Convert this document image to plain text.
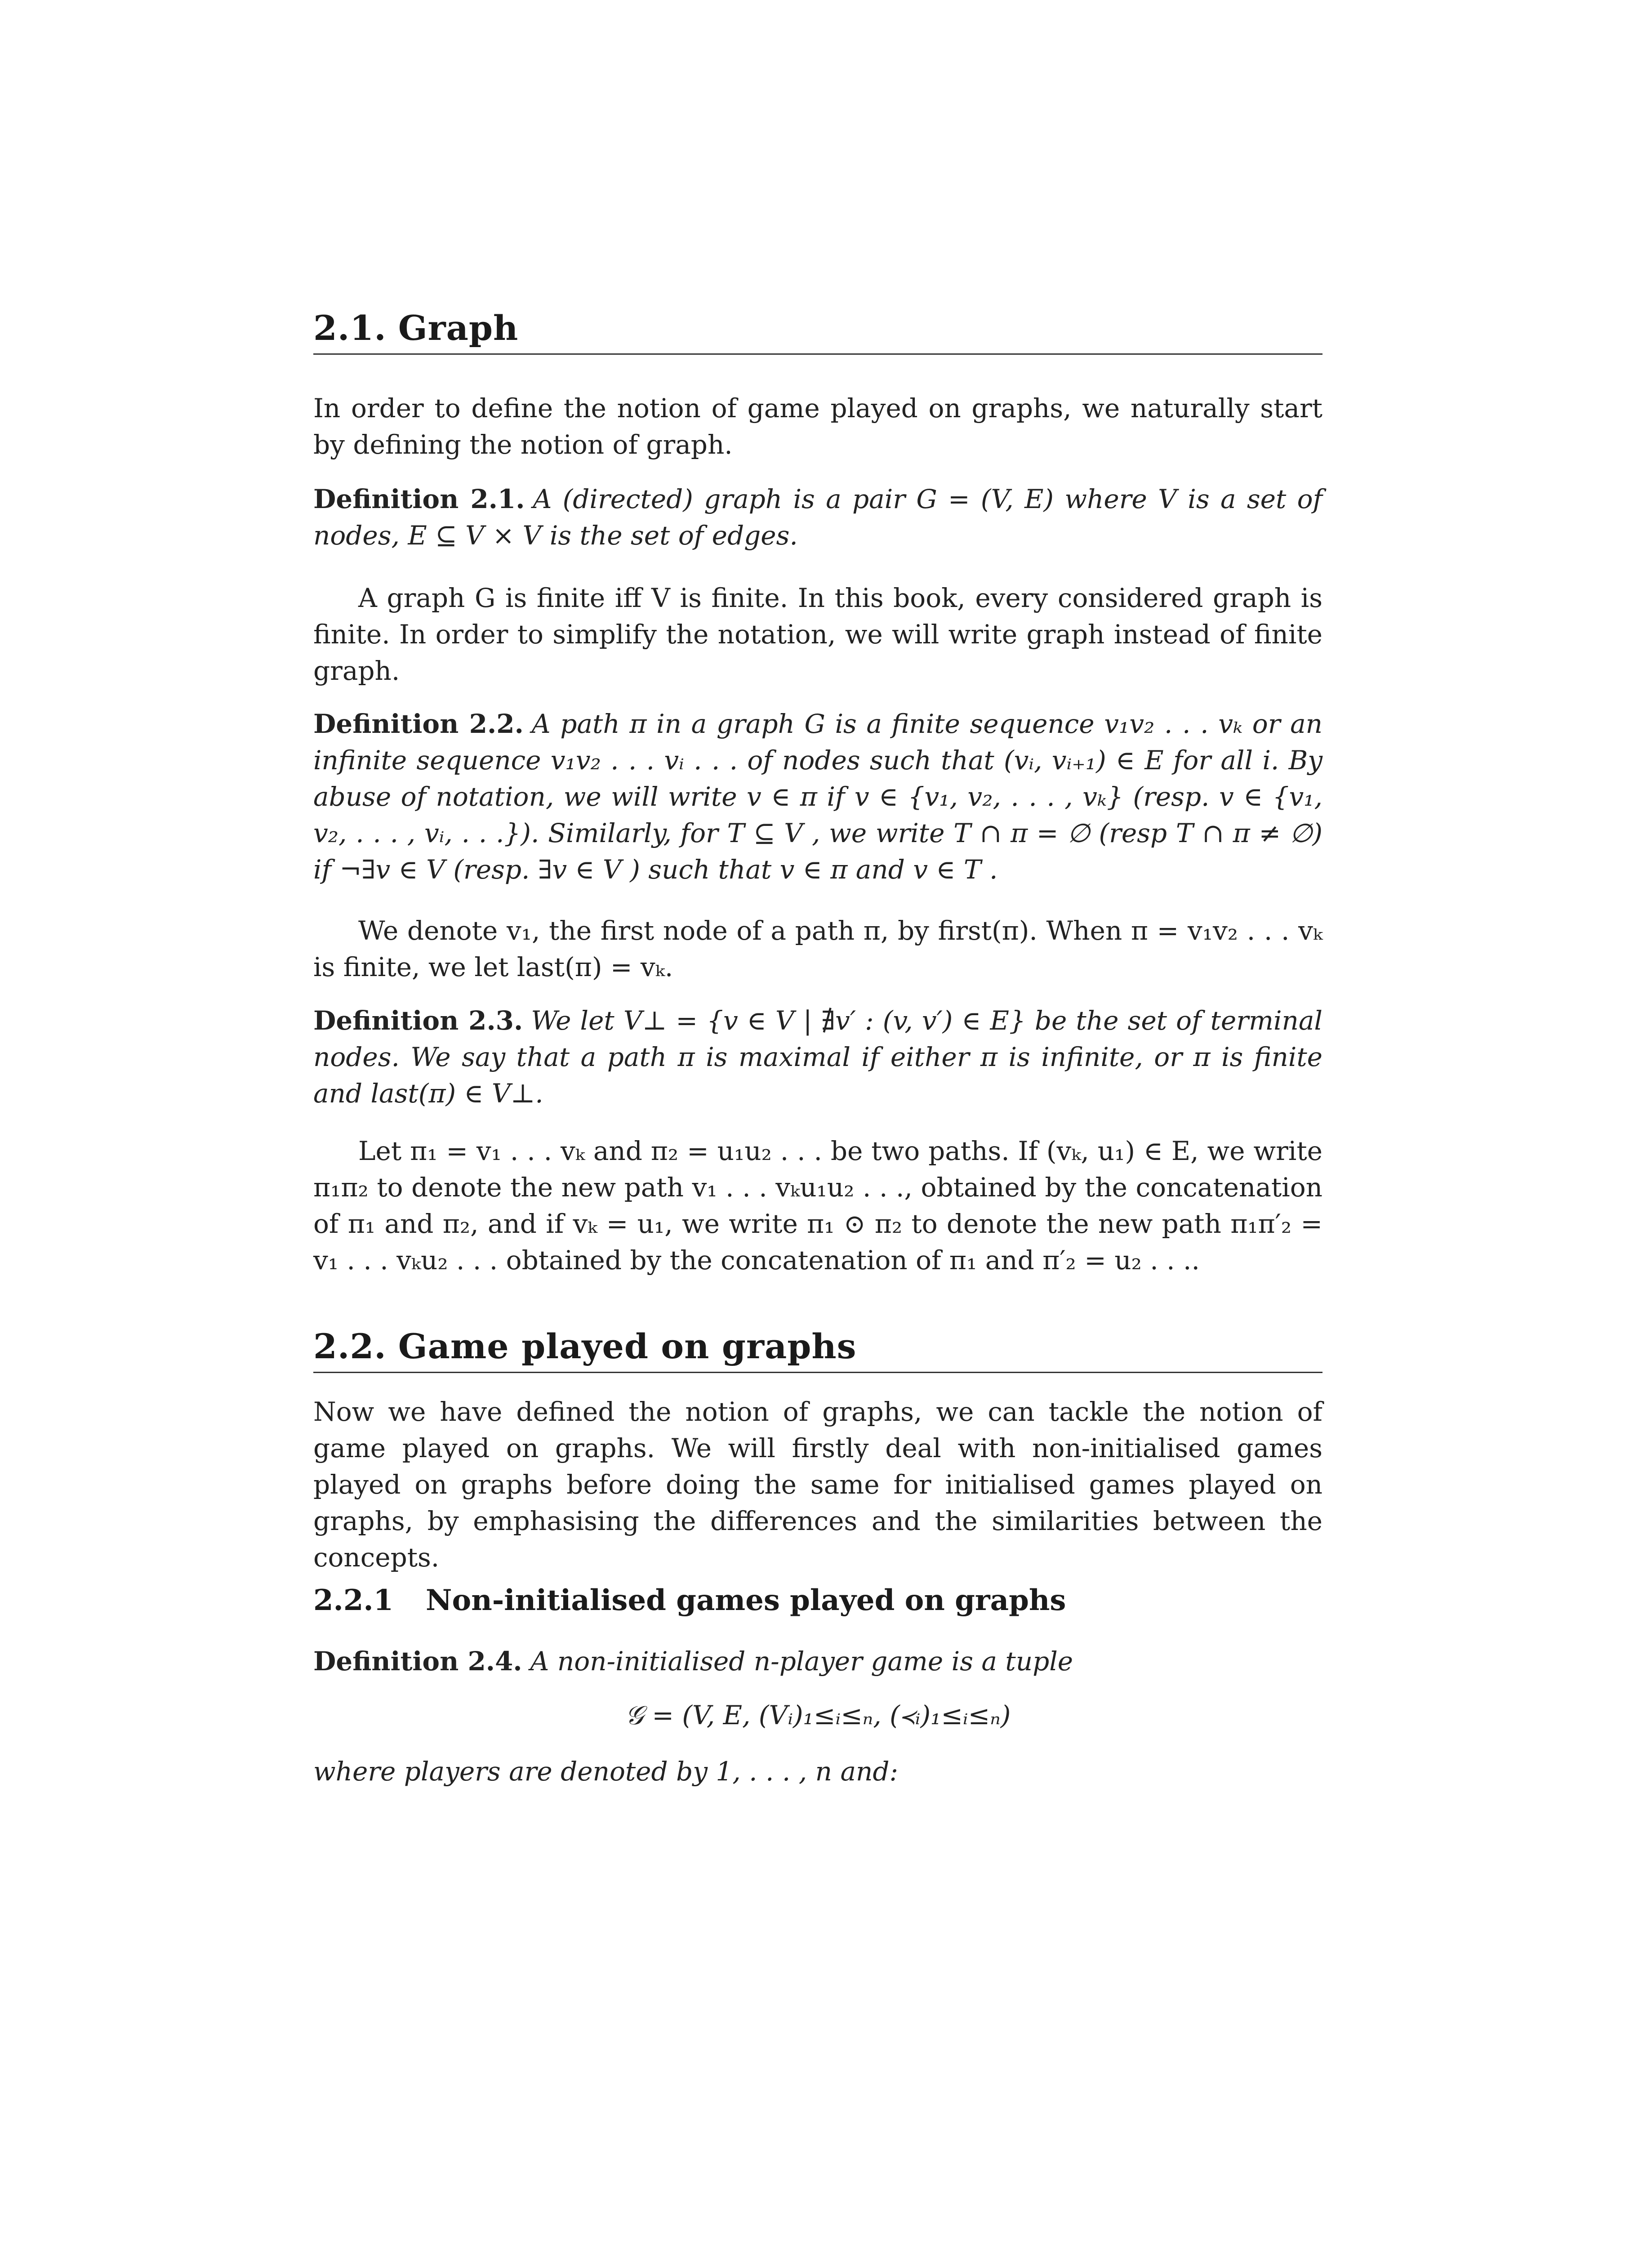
2.1. Graph

In order to define the notion of game played on graphs, we naturally start by defining the notion of graph.

Definition 2.1. A (directed) graph is a pair G = (V, E) where V is a set of nodes, E ⊆ V × V is the set of edges.

A graph G is finite iff V is finite. In this book, every considered graph is finite. In order to simplify the notation, we will write graph instead of finite graph.

Definition 2.2. A path π in a graph G is a finite sequence v₁v₂ . . . vₖ or an infinite sequence v₁v₂ . . . vᵢ . . . of nodes such that (vᵢ, vᵢ₊₁) ∈ E for all i. By abuse of notation, we will write v ∈ π if v ∈ {v₁, v₂, . . . , vₖ} (resp. v ∈ {v₁, v₂, . . . , vᵢ, . . .}). Similarly, for T ⊆ V , we write T ∩ π = ∅ (resp T ∩ π ≠ ∅) if ¬∃v ∈ V (resp. ∃v ∈ V ) such that v ∈ π and v ∈ T .

We denote v₁, the first node of a path π, by first(π). When π = v₁v₂ . . . vₖ is finite, we let last(π) = vₖ.

Definition 2.3. We let V⊥ = {v ∈ V | ∄v′ : (v, v′) ∈ E} be the set of terminal nodes. We say that a path π is maximal if either π is infinite, or π is finite and last(π) ∈ V⊥.

Let π₁ = v₁ . . . vₖ and π₂ = u₁u₂ . . . be two paths. If (vₖ, u₁) ∈ E, we write π₁π₂ to denote the new path v₁ . . . vₖu₁u₂ . . ., obtained by the concatenation of π₁ and π₂, and if vₖ = u₁, we write π₁ ⊙ π₂ to denote the new path π₁π′₂ = v₁ . . . vₖu₂ . . . obtained by the concatenation of π₁ and π′₂ = u₂ . . ..

2.2. Game played on graphs

Now we have defined the notion of graphs, we can tackle the notion of game played on graphs. We will firstly deal with non-initialised games played on graphs before doing the same for initialised games played on graphs, by emphasising the differences and the similarities between the concepts.

2.2.1 Non-initialised games played on graphs

Definition 2.4. A non-initialised n-player game is a tuple

𝒢 = (V, E, (Vᵢ)₁≤ᵢ≤ₙ, (≺ᵢ)₁≤ᵢ≤ₙ)

where players are denoted by 1, . . . , n and:
